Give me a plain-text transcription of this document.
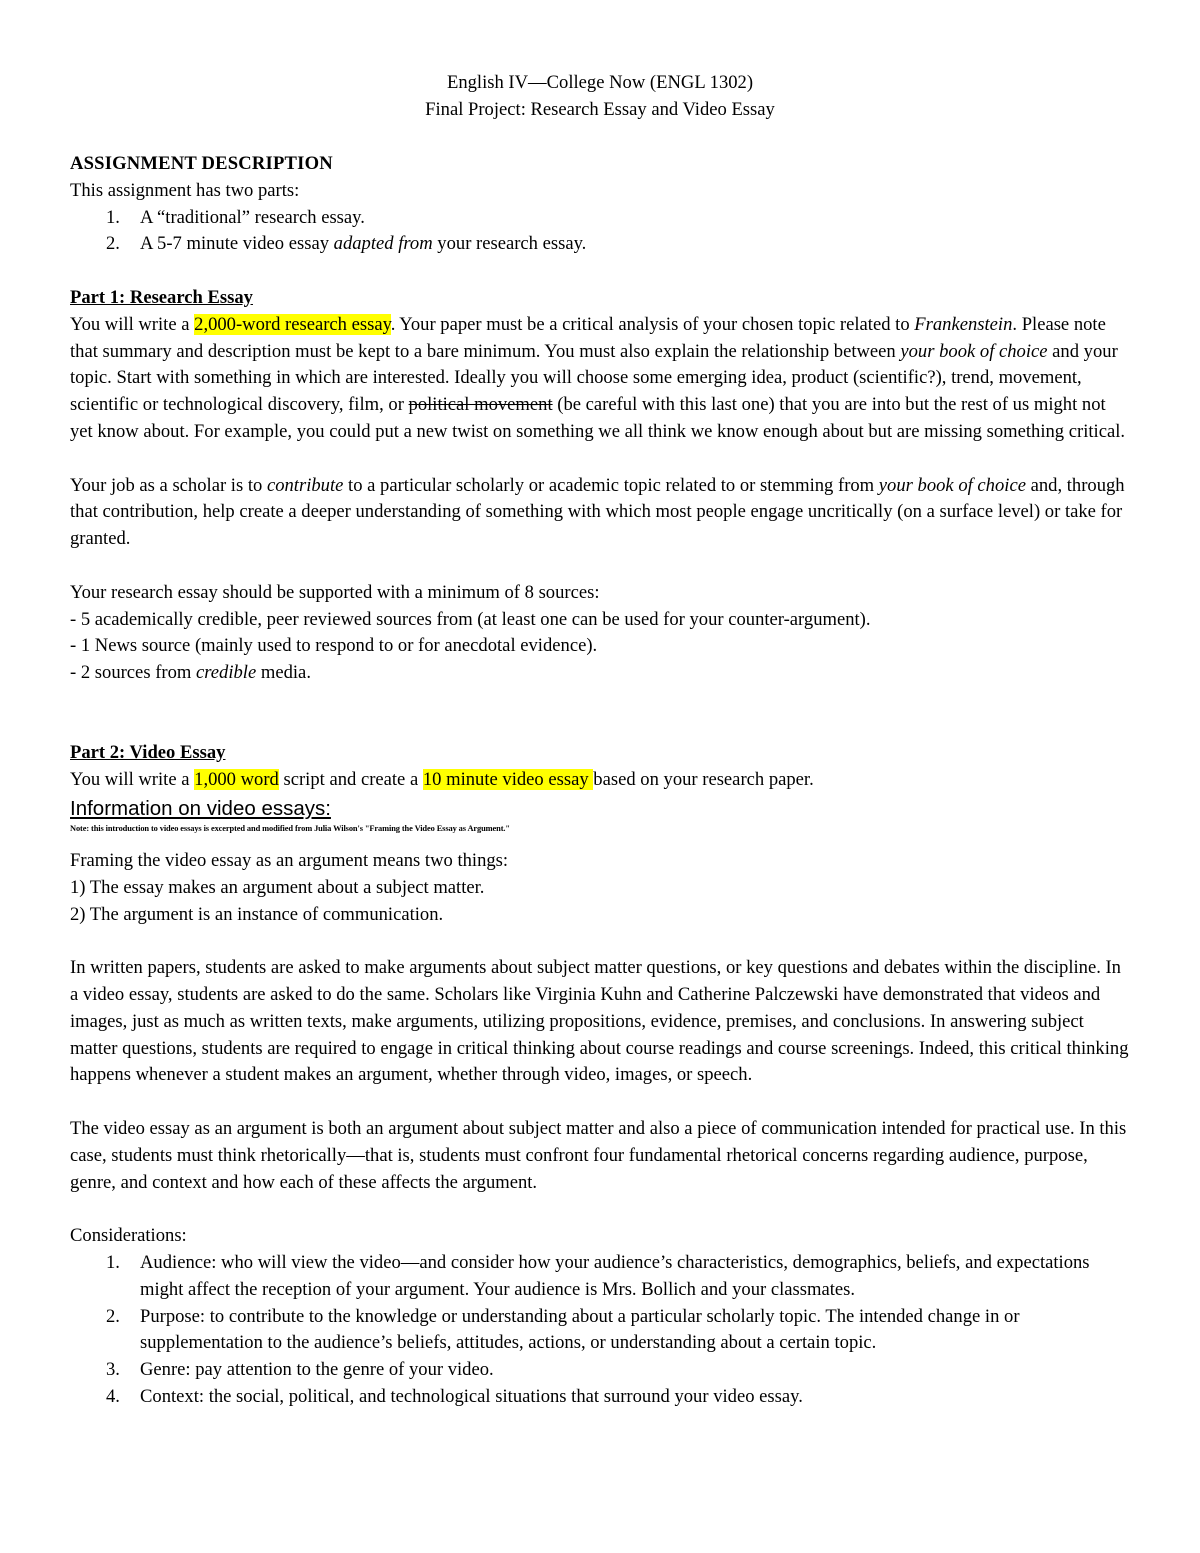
English IV—College Now (ENGL 1302)
Final Project: Research Essay and Video Essay

ASSIGNMENT DESCRIPTION

This assignment has two parts:

1. A “traditional” research essay.
2. A 5-7 minute video essay adapted from your research essay.

Part 1: Research Essay

You will write a 2,000-word research essay. Your paper must be a critical analysis of your chosen topic related to Frankenstein. Please note that summary and description must be kept to a bare minimum. You must also explain the relationship between your book of choice and your topic. Start with something in which are interested. Ideally you will choose some emerging idea, product (scientific?), trend, movement, scientific or technological discovery, film, or political movement (be careful with this last one) that you are into but the rest of us might not yet know about. For example, you could put a new twist on something we all think we know enough about but are missing something critical.

Your job as a scholar is to contribute to a particular scholarly or academic topic related to or stemming from your book of choice and, through that contribution, help create a deeper understanding of something with which most people engage uncritically (on a surface level) or take for granted.

Your research essay should be supported with a minimum of 8 sources:

- 5 academically credible, peer reviewed sources from (at least one can be used for your counter-argument).

- 1 News source (mainly used to respond to or for anecdotal evidence).

- 2 sources from credible media.

Part 2: Video Essay

You will write a 1,000 word script and create a 10 minute video essay based on your research paper.

Information on video essays:
Note: this introduction to video essays is excerpted and modified from Julia Wilson's "Framing the Video Essay as Argument."

Framing the video essay as an argument means two things:

1) The essay makes an argument about a subject matter.

2) The argument is an instance of communication.

In written papers, students are asked to make arguments about subject matter questions, or key questions and debates within the discipline. In a video essay, students are asked to do the same. Scholars like Virginia Kuhn and Catherine Palczewski have demonstrated that videos and images, just as much as written texts, make arguments, utilizing propositions, evidence, premises, and conclusions. In answering subject matter questions, students are required to engage in critical thinking about course readings and course screenings. Indeed, this critical thinking happens whenever a student makes an argument, whether through video, images, or speech.

The video essay as an argument is both an argument about subject matter and also a piece of communication intended for practical use. In this case, students must think rhetorically—that is, students must confront four fundamental rhetorical concerns regarding audience, purpose, genre, and context and how each of these affects the argument.

Considerations:

1. Audience: who will view the video—and consider how your audience’s characteristics, demographics, beliefs, and expectations might affect the reception of your argument. Your audience is Mrs. Bollich and your classmates.
2. Purpose: to contribute to the knowledge or understanding about a particular scholarly topic. The intended change in or supplementation to the audience’s beliefs, attitudes, actions, or understanding about a certain topic.
3. Genre: pay attention to the genre of your video.
4. Context: the social, political, and technological situations that surround your video essay.
